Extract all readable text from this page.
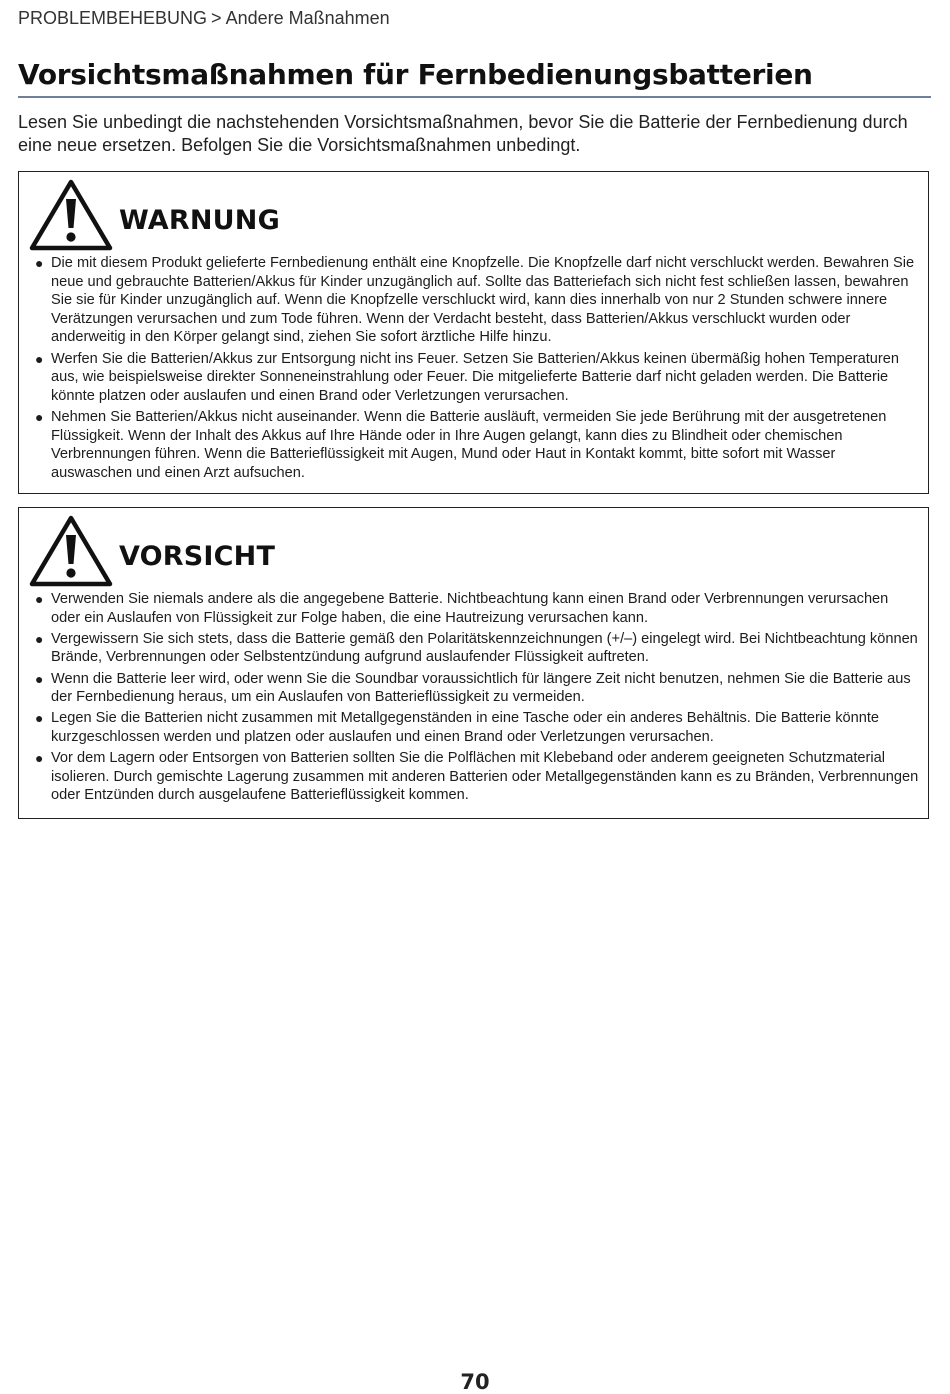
PROBLEMBEHEBUNG > Andere Maßnahmen
Vorsichtsmaßnahmen für Fernbedienungsbatterien

Lesen Sie unbedingt die nachstehenden Vorsichtsmaßnahmen, bevor Sie die Batterie der Fernbedienung durch eine neue ersetzen. Befolgen Sie die Vorsichtsmaßnahmen unbedingt.

WARNUNG
● Die mit diesem Produkt gelieferte Fernbedienung enthält eine Knopfzelle. Die Knopfzelle darf nicht verschluckt werden. Bewahren Sie neue und gebrauchte Batterien/Akkus für Kinder unzugänglich auf. Sollte das Batteriefach sich nicht fest schließen lassen, bewahren Sie sie für Kinder unzugänglich auf. Wenn die Knopfzelle verschluckt wird, kann dies innerhalb von nur 2 Stunden schwere innere Verätzungen verursachen und zum Tode führen. Wenn der Verdacht besteht, dass Batterien/Akkus verschluckt wurden oder anderweitig in den Körper gelangt sind, ziehen Sie sofort ärztliche Hilfe hinzu.
● Werfen Sie die Batterien/Akkus zur Entsorgung nicht ins Feuer. Setzen Sie Batterien/Akkus keinen übermäßig hohen Temperaturen aus, wie beispielsweise direkter Sonneneinstrahlung oder Feuer. Die mitgelieferte Batterie darf nicht geladen werden. Die Batterie könnte platzen oder auslaufen und einen Brand oder Verletzungen verursachen.
● Nehmen Sie Batterien/Akkus nicht auseinander. Wenn die Batterie ausläuft, vermeiden Sie jede Berührung mit der ausgetretenen Flüssigkeit. Wenn der Inhalt des Akkus auf Ihre Hände oder in Ihre Augen gelangt, kann dies zu Blindheit oder chemischen Verbrennungen führen. Wenn die Batterieflüssigkeit mit Augen, Mund oder Haut in Kontakt kommt, bitte sofort mit Wasser auswaschen und einen Arzt aufsuchen.
VORSICHT
● Verwenden Sie niemals andere als die angegebene Batterie. Nichtbeachtung kann einen Brand oder Verbrennungen verursachen oder ein Auslaufen von Flüssigkeit zur Folge haben, die eine Hautreizung verursachen kann.
● Vergewissern Sie sich stets, dass die Batterie gemäß den Polaritätskennzeichnungen (+/–) eingelegt wird. Bei Nichtbeachtung können Brände, Verbrennungen oder Selbstentzündung aufgrund auslaufender Flüssigkeit auftreten.
● Wenn die Batterie leer wird, oder wenn Sie die Soundbar voraussichtlich für längere Zeit nicht benutzen, nehmen Sie die Batterie aus der Fernbedienung heraus, um ein Auslaufen von Batterieflüssigkeit zu vermeiden.
● Legen Sie die Batterien nicht zusammen mit Metallgegenständen in eine Tasche oder ein anderes Behältnis. Die Batterie könnte kurzgeschlossen werden und platzen oder auslaufen und einen Brand oder Verletzungen verursachen.
● Vor dem Lagern oder Entsorgen von Batterien sollten Sie die Polflächen mit Klebeband oder anderem geeigneten Schutzmaterial isolieren. Durch gemischte Lagerung zusammen mit anderen Batterien oder Metallgegenständen kann es zu Bränden, Verbrennungen oder Entzünden durch ausgelaufene Batterieflüssigkeit kommen.
70
